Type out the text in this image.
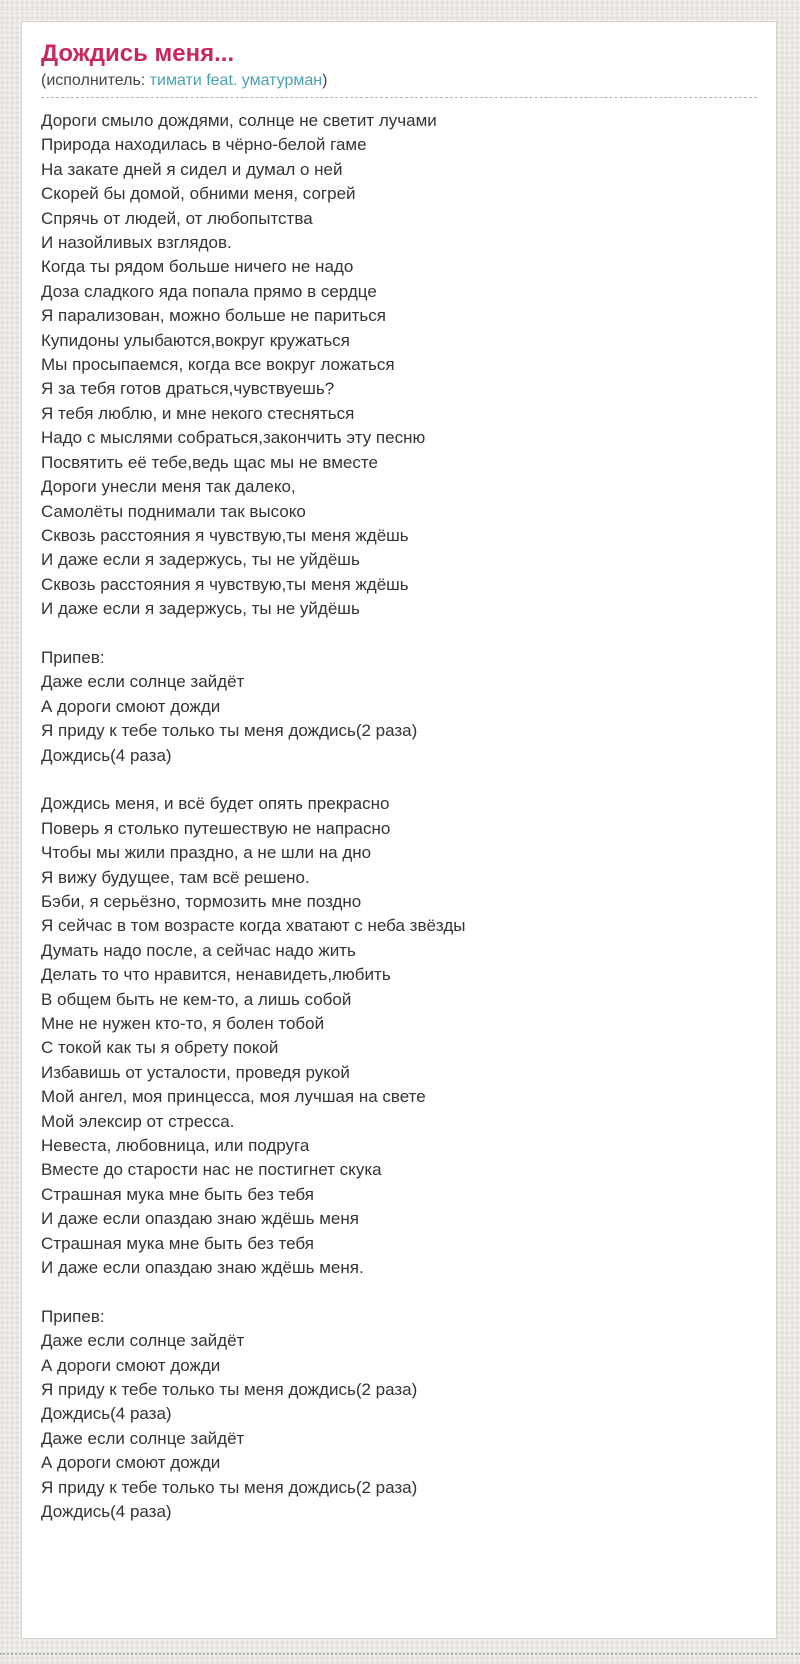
Дождись меня...
(исполнитель: тимати feat. уматурман)
Дороги смыло дождями, солнце не светит лучами
Природа находилась в чёрно-белой гаме
На закате дней я сидел и думал о ней
Скорей бы домой, обними меня, согрей
Спрячь от людей, от любопытства
И назойливых взглядов.
Когда ты рядом больше ничего не надо
Доза сладкого яда попала прямо в сердце
Я парализован, можно больше не париться
Купидоны улыбаются,вокруг кружаться
Мы просыпаемся, когда все вокруг ложаться
Я за тебя готов драться,чувствуешь?
Я тебя люблю, и мне некого стесняться
Надо с мыслями собраться,закончить эту песню
Посвятить её тебе,ведь щас мы не вместе
Дороги унесли меня так далеко,
Самолёты поднимали так высоко
Сквозь расстояния я чувствую,ты меня ждёшь
И даже если я задержусь, ты не уйдёшь
Сквозь расстояния я чувствую,ты меня ждёшь
И даже если я задержусь, ты не уйдёшь
Припев:
Даже если солнце зайдёт
А дороги смоют дожди
Я приду к тебе только ты меня дождись(2 раза)
Дождись(4 раза)
Дождись меня, и всё будет опять прекрасно
Поверь я столько путешествую не напрасно
Чтобы мы жили праздно, а не шли на дно
Я вижу будущее, там всё решено.
Бэби, я серьёзно, тормозить мне поздно
Я сейчас в том возрасте когда хватают с неба звёзды
Думать надо после, а сейчас надо жить
Делать то что нравится, ненавидеть,любить
В общем быть не кем-то, а лишь собой
Мне не нужен кто-то, я болен тобой
С токой как ты я обрету покой
Избавишь от усталости, проведя рукой
Мой ангел, моя принцесса, моя лучшая на свете
Мой элексир от стресса.
Невеста, любовница, или подруга
Вместе до старости нас не постигнет скука
Страшная мука мне быть без тебя
И даже если опаздаю знаю ждёшь меня
Страшная мука мне быть без тебя
И даже если опаздаю знаю ждёшь меня.
Припев:
Даже если солнце зайдёт
А дороги смоют дожди
Я приду к тебе только ты меня дождись(2 раза)
Дождись(4 раза)
Даже если солнце зайдёт
А дороги смоют дожди
Я приду к тебе только ты меня дождись(2 раза)
Дождись(4 раза)
